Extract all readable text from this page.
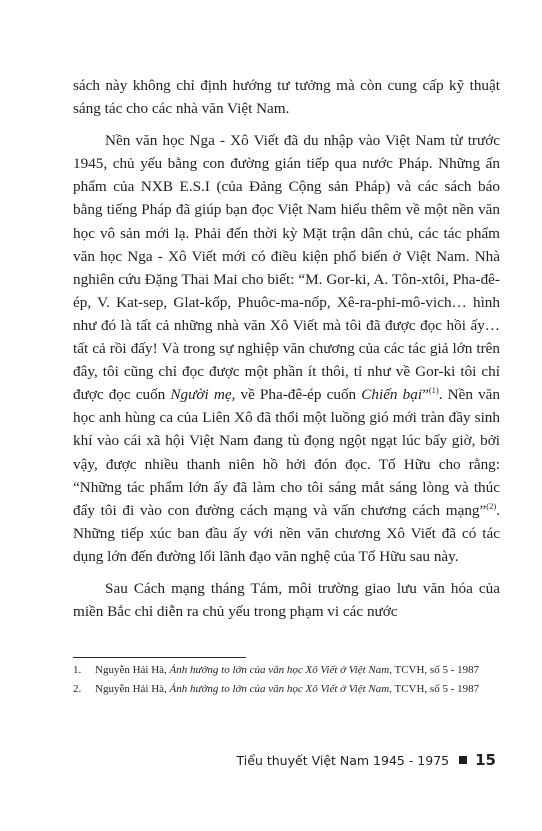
sách này không chỉ định hướng tư tưởng mà còn cung cấp kỹ thuật sáng tác cho các nhà văn Việt Nam.

Nền văn học Nga - Xô Viết đã du nhập vào Việt Nam từ trước 1945, chủ yếu bằng con đường gián tiếp qua nước Pháp. Những ấn phẩm của NXB E.S.I (của Đảng Cộng sản Pháp) và các sách báo bằng tiếng Pháp đã giúp bạn đọc Việt Nam hiểu thêm về một nền văn học vô sản mới lạ. Phải đến thời kỳ Mặt trận dân chủ, các tác phẩm văn học Nga - Xô Viết mới có điều kiện phổ biến ở Việt Nam. Nhà nghiên cứu Đặng Thai Mai cho biết: “M. Gor-ki, A. Tôn-xtôi, Pha-đê-ép, V. Kat-sep, Glat-kốp, Phuôc-ma-nốp, Xê-ra-phi-mô-vich… hình như đó là tất cả những nhà văn Xô Viết mà tôi đã được đọc hồi ấy… tất cả rồi đấy! Và trong sự nghiệp văn chương của các tác giả lớn trên đây, tôi cũng chỉ đọc được một phần ít thôi, tỉ như về Gor-ki tôi chỉ được đọc cuốn Người mẹ, về Pha-đê-ép cuốn Chiến bại”$^{(1)}$. Nền văn học anh hùng ca của Liên Xô đã thổi một luồng gió mới tràn đầy sinh khí vào cái xã hội Việt Nam đang tù đọng ngột ngạt lúc bấy giờ, bởi vậy, được nhiều thanh niên hồ hởi đón đọc. Tố Hữu cho rằng: “Những tác phẩm lớn ấy đã làm cho tôi sáng mắt sáng lòng và thúc đẩy tôi đi vào con đường cách mạng và vấn chương cách mạng”$^{(2)}$. Những tiếp xúc ban đầu ấy với nền văn chương Xô Viết đã có tác dụng lớn đến đường lối lãnh đạo văn nghệ của Tố Hữu sau này.

Sau Cách mạng tháng Tám, môi trường giao lưu văn hóa của miền Bắc chỉ diễn ra chủ yếu trong phạm vi các nước

1.	Nguyễn Hải Hà, Ảnh hưởng to lớn của văn học Xô Viết ở Việt Nam, TCVH, số 5 - 1987
2.	Nguyễn Hải Hà, Ảnh hưởng to lớn của văn học Xô Viết ở Việt Nam, TCVH, số 5 - 1987
Tiểu thuyết Việt Nam 1945 - 1975 15
